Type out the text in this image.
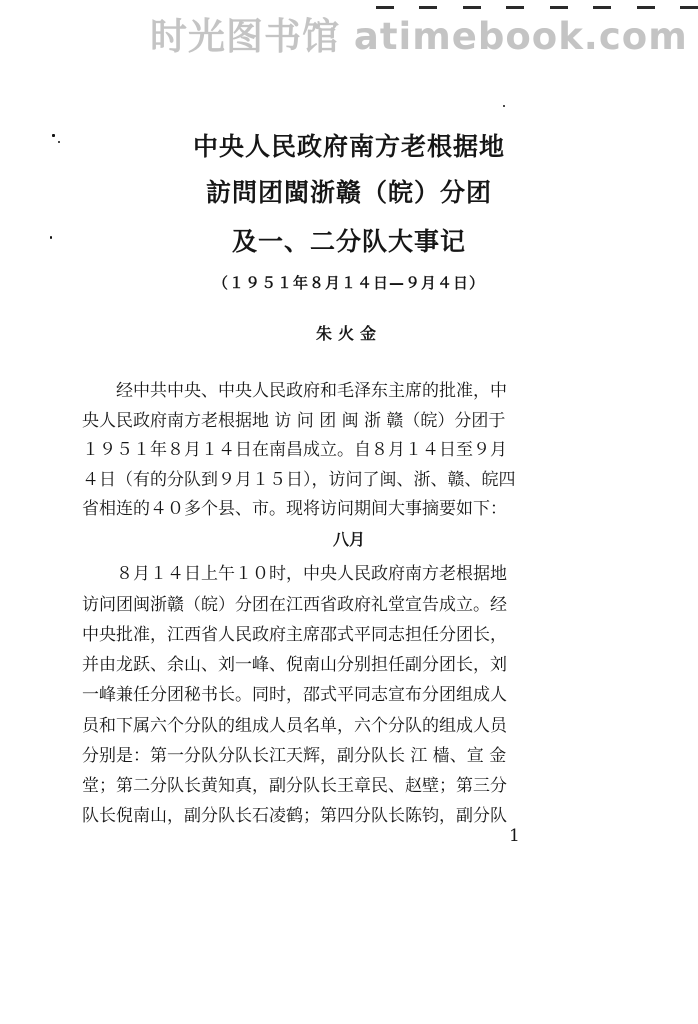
时光图书馆 atimebook.com
中央人民政府南方老根据地
訪問团閩浙赣（皖）分团
及一、二分队大事记
（１９５１年８月１４日—９月４日）
朱火金
经中共中央、中央人民政府和毛泽东主席的批准，中
央人民政府南方老根据地 访 问 团 闽 浙 赣（皖）分团于
１９５１年８月１４日在南昌成立。自８月１４日至９月
４日（有的分队到９月１５日），访问了闽、浙、赣、皖四
省相连的４０多个县、市。现将访问期间大事摘要如下：
八月
８月１４日上午１０时，中央人民政府南方老根据地
访问团闽浙赣（皖）分团在江西省政府礼堂宣告成立。经
中央批准，江西省人民政府主席邵式平同志担任分团长，
并由龙跃、余山、刘一峰、倪南山分别担任副分团长，刘
一峰兼任分团秘书长。同时，邵式平同志宣布分团组成人
员和下属六个分队的组成人员名单，六个分队的组成人员
分别是：第一分队分队长江天辉，副分队长 江 樯、宣 金
堂；第二分队长黄知真，副分队长王章民、赵壁；第三分
队长倪南山，副分队长石凌鹤；第四分队长陈钧，副分队
1
